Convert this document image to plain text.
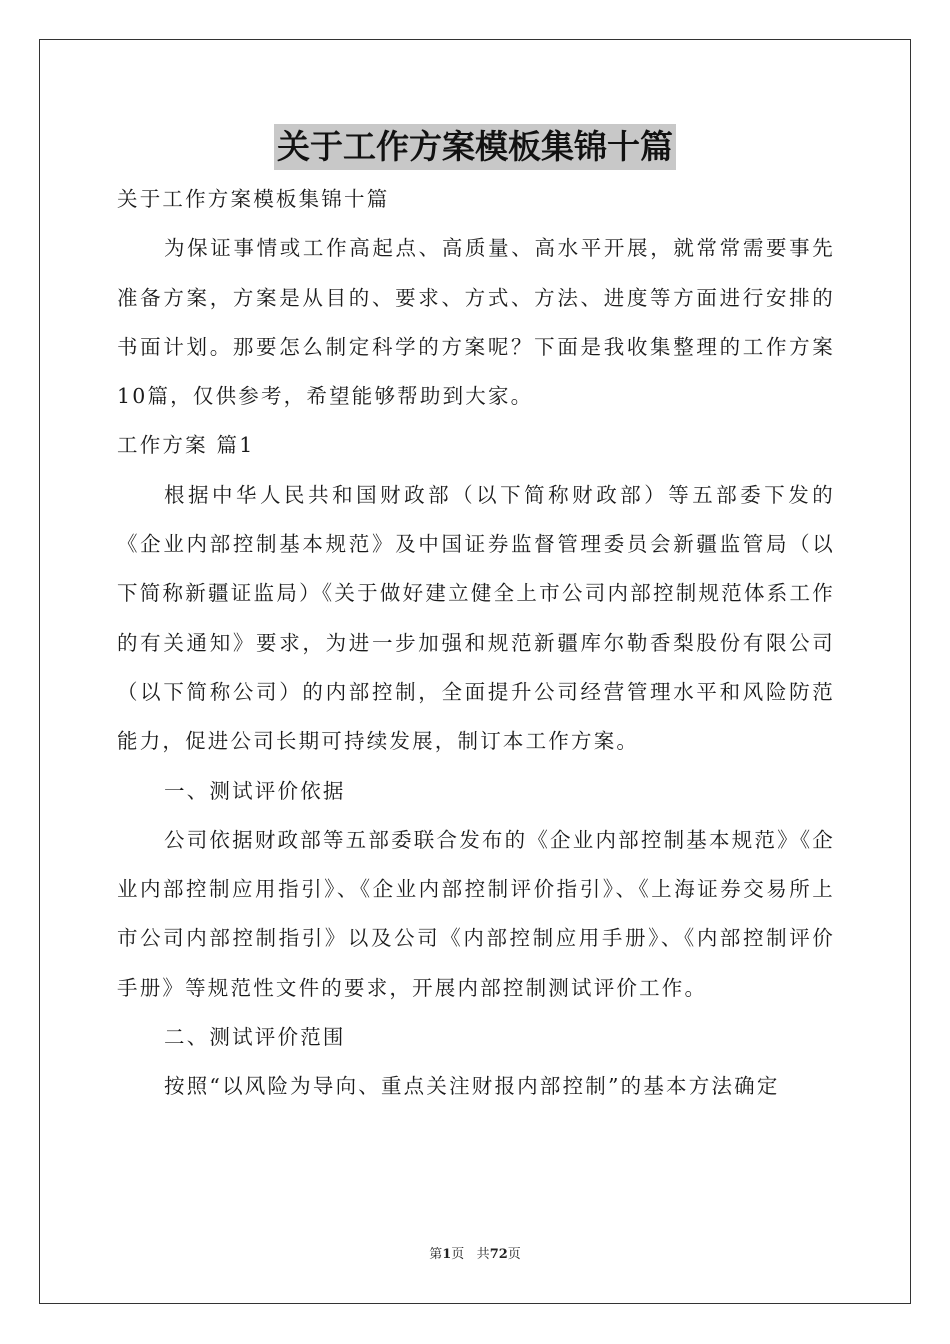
关于工作方案模板集锦十篇

关于工作方案模板集锦十篇

为保证事情或工作高起点、高质量、高水平开展，就常常需要事先准备方案，方案是从目的、要求、方式、方法、进度等方面进行安排的书面计划。那要怎么制定科学的方案呢？下面是我收集整理的工作方案10篇，仅供参考，希望能够帮助到大家。

工作方案 篇1

根据中华人民共和国财政部（以下简称财政部）等五部委下发的《企业内部控制基本规范》及中国证券监督管理委员会新疆监管局（以下简称新疆证监局）《关于做好建立健全上市公司内部控制规范体系工作的有关通知》要求，为进一步加强和规范新疆库尔勒香梨股份有限公司（以下简称公司）的内部控制，全面提升公司经营管理水平和风险防范能力，促进公司长期可持续发展，制订本工作方案。

一、测试评价依据

公司依据财政部等五部委联合发布的《企业内部控制基本规范》《企业内部控制应用指引》、《企业内部控制评价指引》、《上海证券交易所上市公司内部控制指引》以及公司《内部控制应用手册》、《内部控制评价手册》等规范性文件的要求，开展内部控制测试评价工作。

二、测试评价范围

按照“以风险为导向、重点关注财报内部控制”的基本方法确定

第1页 共72页
